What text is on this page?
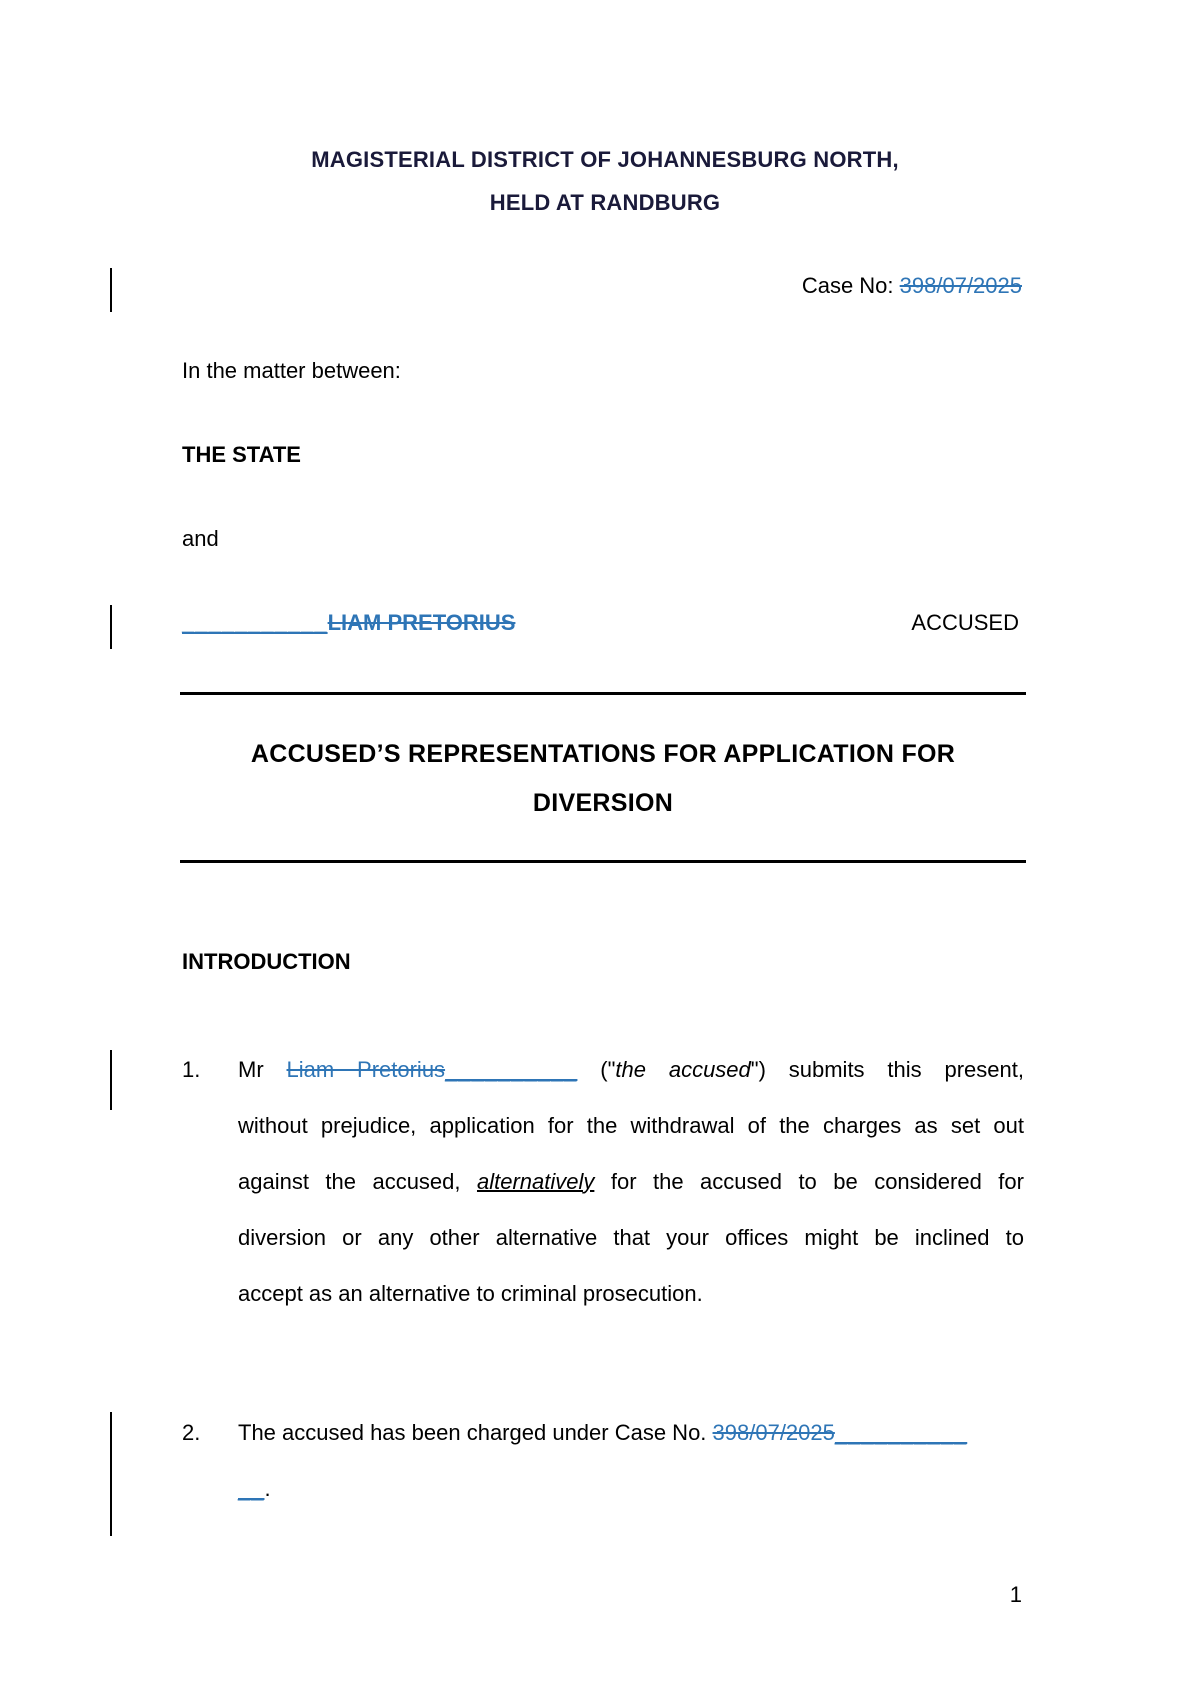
MAGISTERIAL DISTRICT OF JOHANNESBURG NORTH,
HELD AT RANDBURG
Case No: 398/07/2025
In the matter between:
THE STATE
and
___________LIAM PRETORIUS	ACCUSED
ACCUSED’S REPRESENTATIONS FOR APPLICATION FOR
DIVERSION
INTRODUCTION
1. Mr Liam Pretorius__________ ("the accused") submits this present,
without prejudice, application for the withdrawal of the charges as set out
against the accused, alternatively for the accused to be considered for
diversion or any other alternative that your offices might be inclined to
accept as an alternative to criminal prosecution.
2. The accused has been charged under Case No. 398/07/2025__________
__.
1
